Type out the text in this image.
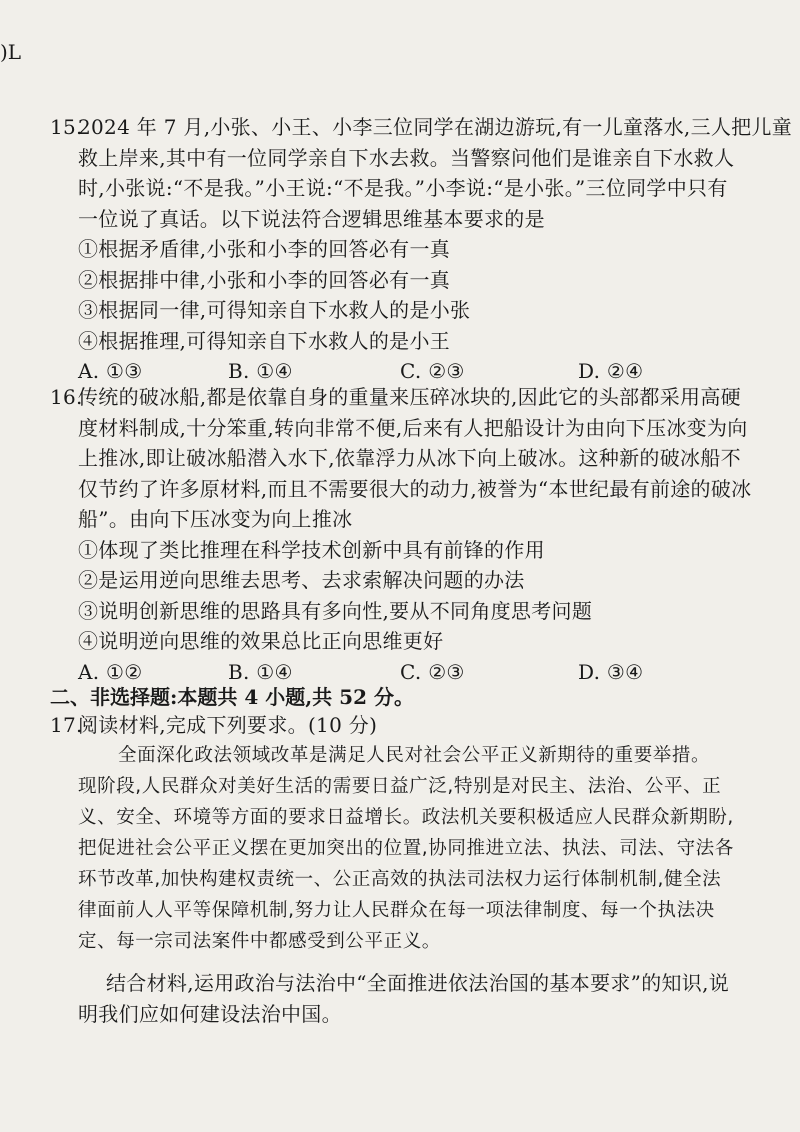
)L
15.2024 年 7 月,小张、小王、小李三位同学在湖边游玩,有一儿童落水,三人把儿童
救上岸来,其中有一位同学亲自下水去救。当警察问他们是谁亲自下水救人
时,小张说:“不是我。”小王说:“不是我。”小李说:“是小张。”三位同学中只有
一位说了真话。以下说法符合逻辑思维基本要求的是
①根据矛盾律,小张和小李的回答必有一真
②根据排中律,小张和小李的回答必有一真
③根据同一律,可得知亲自下水救人的是小张
④根据推理,可得知亲自下水救人的是小王
A. ①③	B. ①④	C. ②③	D. ②④
16.传统的破冰船,都是依靠自身的重量来压碎冰块的,因此它的头部都采用高硬
度材料制成,十分笨重,转向非常不便,后来有人把船设计为由向下压冰变为向
上推冰,即让破冰船潜入水下,依靠浮力从冰下向上破冰。这种新的破冰船不
仅节约了许多原材料,而且不需要很大的动力,被誉为“本世纪最有前途的破冰
船”。由向下压冰变为向上推冰
①体现了类比推理在科学技术创新中具有前锋的作用
②是运用逆向思维去思考、去求索解决问题的办法
③说明创新思维的思路具有多向性,要从不同角度思考问题
④说明逆向思维的效果总比正向思维更好
A. ①②	B. ①④	C. ②③	D. ③④
二、非选择题:本题共 4 小题,共 52 分。
17.阅读材料,完成下列要求。(10 分)

全面深化政法领域改革是满足人民对社会公平正义新期待的重要举措。

现阶段,人民群众对美好生活的需要日益广泛,特别是对民主、法治、公平、正

义、安全、环境等方面的要求日益增长。政法机关要积极适应人民群众新期盼,

把促进社会公平正义摆在更加突出的位置,协同推进立法、执法、司法、守法各

环节改革,加快构建权责统一、公正高效的执法司法权力运行体制机制,健全法

律面前人人平等保障机制,努力让人民群众在每一项法律制度、每一个执法决

定、每一宗司法案件中都感受到公平正义。

结合材料,运用政治与法治中“全面推进依法治国的基本要求”的知识,说
明我们应如何建设法治中国。
